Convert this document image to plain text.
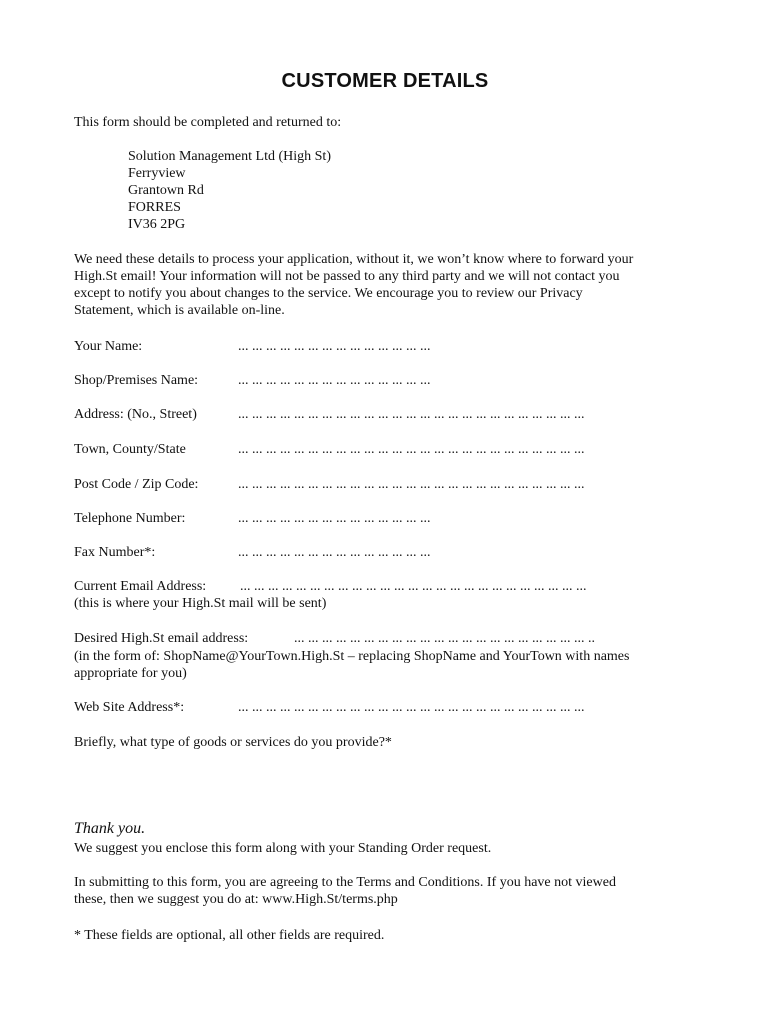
CUSTOMER DETAILS
This form should be completed and returned to:
Solution Management Ltd (High St)
Ferryview
Grantown Rd
FORRES
IV36 2PG
We need these details to process your application, without it, we won’t know where to forward your
High.St email! Your information will not be passed to any third party and we will not contact you
except to notify you about changes to the service. We encourage you to review our Privacy
Statement, which is available on-line.
Your Name:	... ... ... ... ... ... ... ... ... ... ... ... ... ...
Shop/Premises Name:	... ... ... ... ... ... ... ... ... ... ... ... ... ...
Address: (No., Street)	... ... ... ... ... ... ... ... ... ... ... ... ... ... ... ... ... ... ... ... ... ... ... ... ...
Town, County/State	... ... ... ... ... ... ... ... ... ... ... ... ... ... ... ... ... ... ... ... ... ... ... ... ...
Post Code / Zip Code:	... ... ... ... ... ... ... ... ... ... ... ... ... ... ... ... ... ... ... ... ... ... ... ... ...
Telephone Number:	... ... ... ... ... ... ... ... ... ... ... ... ... ...
Fax Number*:	... ... ... ... ... ... ... ... ... ... ... ... ... ...
Current Email Address: ... ... ... ... ... ... ... ... ... ... ... ... ... ... ... ... ... ... ... ... ... ... ... ... ...
(this is where your High.St mail will be sent)
Desired High.St email address:	... ... ... ... ... ... ... ... ... ... ... ... ... ... ... ... ... ... ... ... ... ..
(in the form of: ShopName@YourTown.High.St – replacing ShopName and YourTown with names
appropriate for you)
Web Site Address*:	... ... ... ... ... ... ... ... ... ... ... ... ... ... ... ... ... ... ... ... ... ... ... ... ...
Briefly, what type of goods or services do you provide?*
Thank you.
We suggest you enclose this form along with your Standing Order request.
In submitting to this form, you are agreeing to the Terms and Conditions. If you have not viewed
these, then we suggest you do at: www.High.St/terms.php
* These fields are optional, all other fields are required.
